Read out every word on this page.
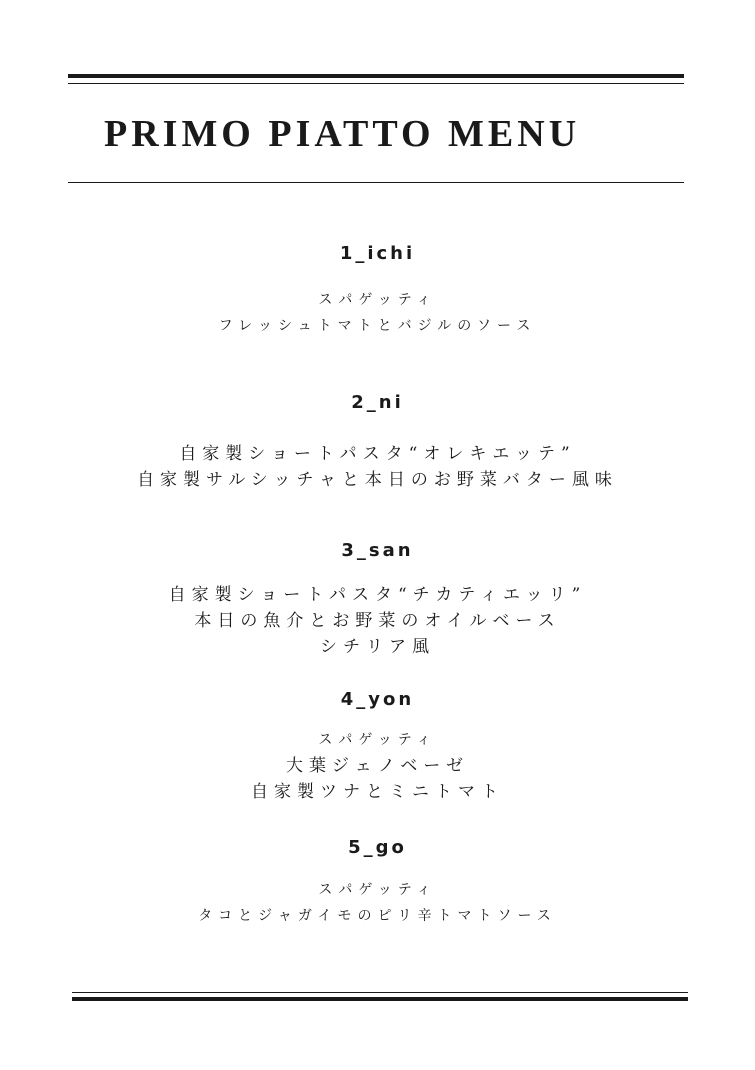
PRIMO PIATTO MENU
1_ichi
スパゲッティ
フレッシュトマトとバジルのソース
2_ni
自家製ショートパスタ“オレキエッテ”
自家製サルシッチャと本日のお野菜バター風味
3_san
自家製ショートパスタ“チカティエッリ”
本日の魚介とお野菜のオイルベース
シチリア風
4_yon
スパゲッティ
大葉ジェノベーゼ
自家製ツナとミニトマト
5_go
スパゲッティ
タコとジャガイモのピリ辛トマトソース
